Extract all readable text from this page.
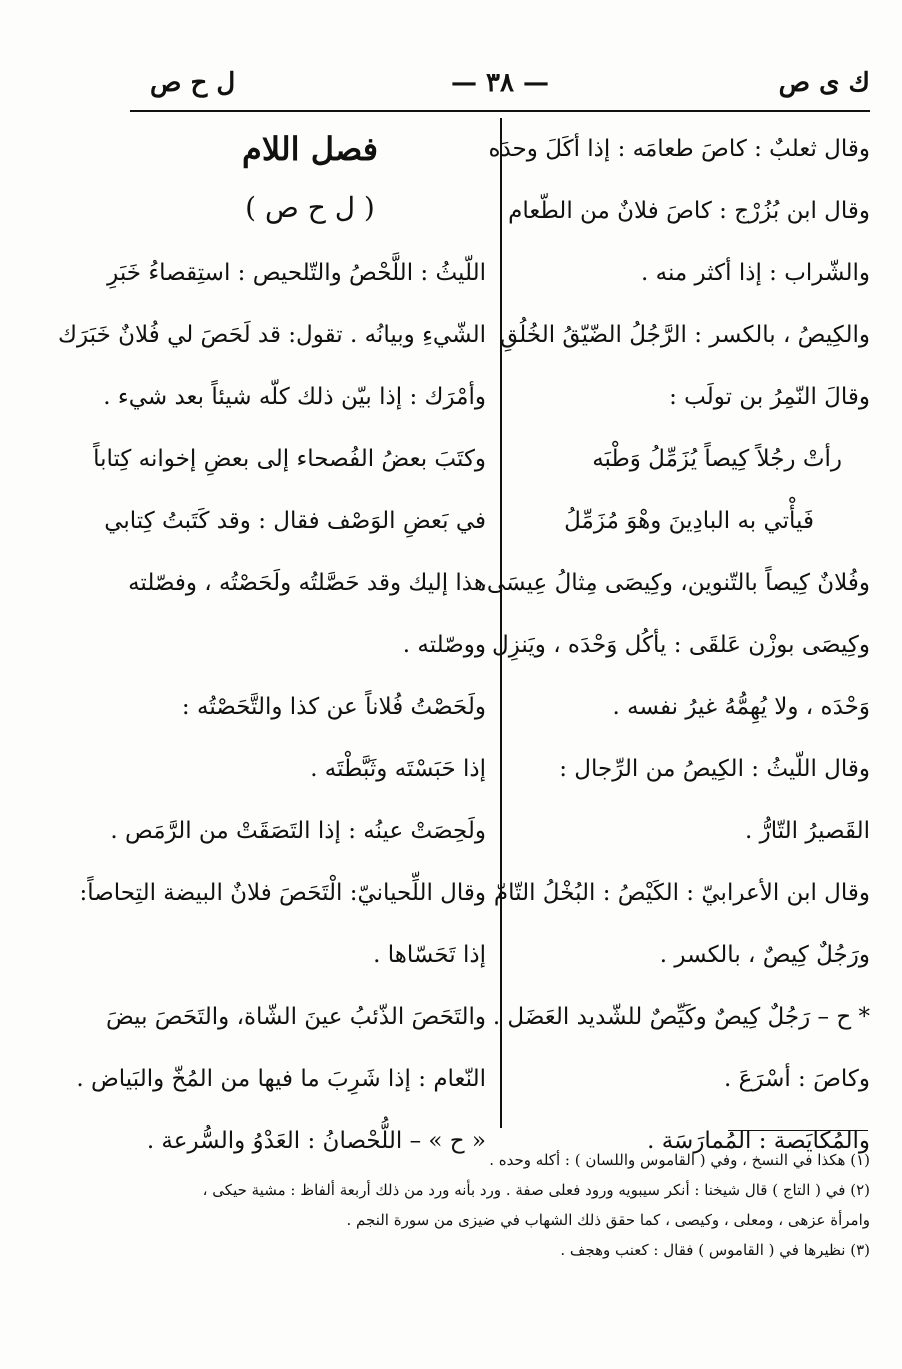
ك ى ص
— ٣٨ —
ل ح ص
وقال ثعلبٌ : كاصَ طعامَه : إذا أكَلَ وحدَه
وقال ابن بُزُرْج : كاصَ فلانٌ من الطّعام
والشّراب : إذا أكثر منه .
والكِيصُ ، بالكسر : الرَّجُلُ الضّيّقُ الخُلُقِ
وقالَ النّمِرُ بن تولَب :
رأتْ رجُلاً كِيصاً يُزَمِّلُ وَطْبَه
فَيأْتي به البادِينَ وهْوَ مُزَمِّلُ
وفُلانٌ كِيصاً بالتّنوين، وكِيصَى مِثالُ عِيسَى،
وكِيصَى بوزْن عَلقَى : يأكُل وَحْدَه ، ويَنزِل
وَحْدَه ، ولا يُهِمُّهُ غيرُ نفسه .
وقال اللّيثُ : الكِيصُ من الرِّجال :
القَصيرُ التّارُّ .
وقال ابن الأعرابيّ : الكَيْصُ : البُخْلُ التّامّ
ورَجُلٌ كِيصٌ ، بالكسر .
* ح – رَجُلٌ كِيصٌ وكَيِّصٌ للشّديد العَضَل .
وكاصَ : أسْرَعَ .
والمُكايَصة : المُمارَسَة .
فصل اللام
( ل ح ص )
اللّيثُ : اللَّحْصُ والتّلحيص : استِقصاءُ خَبَرِ
الشّيءِ وبيانُه . تقول: قد لَحَصَ لي فُلانٌ خَبَرَك
وأمْرَك : إذا بيّن ذلك كلّه شيئاً بعد شيء .
وكتَبَ بعضُ الفُصحاء إلى بعضِ إخوانه كِتاباً
في بَعضِ الوَصْف فقال : وقد كَتَبتُ كِتابي
هذا إليك وقد حَصَّلتُه ولَحَصْتُه ، وفصّلته
ووصّلته .
ولَحَصْتُ فُلاناً عن كذا والتَّحَصْتُه :
إذا حَبَسْتَه وثَبَّطْتَه .
ولَحِصَتْ عينُه : إذا التَصَقَتْ من الرَّمَص .
وقال اللِّحيانيّ: الْتَحَصَ فلانٌ البيضة التِحاصاً:
إذا تَحَسّاها .
والتَحَصَ الذّئبُ عينَ الشّاة، والتَحَصَ بيضَ
النّعام : إذا شَرِبَ ما فيها من المُخّ والبَياض .
« ح » – اللُّحْصانُ : العَدْوُ والسُّرعة .
(١) هكذا في النسخ ، وفي ( القاموس واللسان ) : أكله وحده .
(٢) في ( التاج ) قال شيخنا : أنكر سيبويه ورود فعلى صفة . ورد بأنه ورد من ذلك أربعة ألفاظ : مشية حيكى ،
وامرأة عزهى ، ومعلى ، وكيصى ، كما حقق ذلك الشهاب في ضيزى من سورة النجم .
(٣) نظيرها في ( القاموس ) فقال : كعنب وهجف .
